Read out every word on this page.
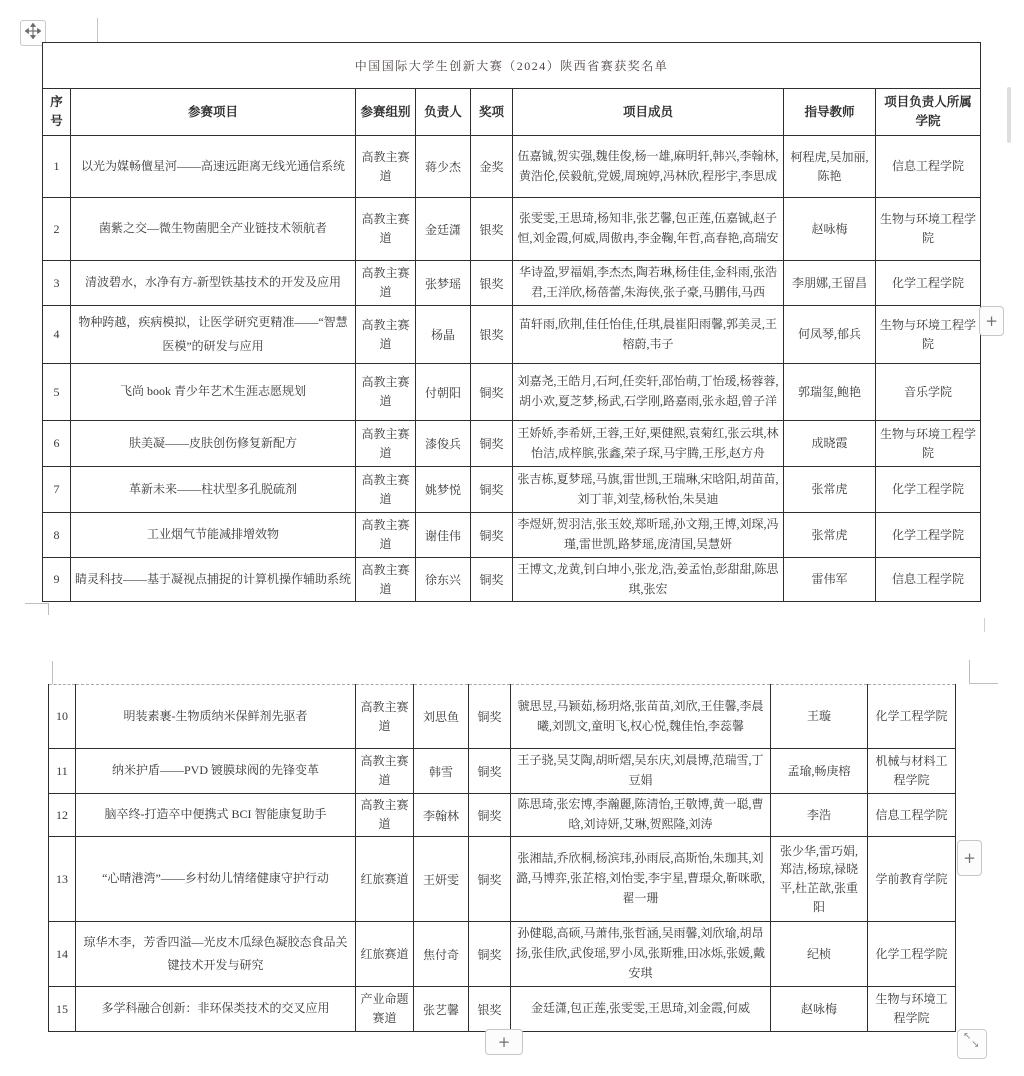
中国国际大学生创新大赛（2024）陕西省赛获奖名单							
序号	参赛项目	参赛组别	负责人	奖项	项目成员	指导教师	项目负责人所属学院
1	以光为媒畅儃星河——高速远距离无线光通信系统	高教主赛道	蒋少杰	金奖	伍嘉铖,贺实强,魏佳俊,杨一雄,麻明轩,韩兴,李翰林,黄浩伦,侯毅航,党媛,周琬婷,冯林欣,程彤宇,李思成	柯程虎,吴加丽,陈艳	信息工程学院
2	菌紫之交—微生物菌肥全产业链技术领航者	高教主赛道	金廷潇	银奖	张雯雯,王思琦,杨知非,张艺馨,包正莲,伍嘉铖,赵子恒,刘金霞,何威,周傲冉,李金鞠,年哲,高春艳,高瑞安	赵咏梅	生物与环境工程学院
3	清波碧水，水净有方-新型铁基技术的开发及应用	高教主赛道	张梦瑶	银奖	华诗盈,罗福娟,李杰杰,陶若琳,杨佳佳,金科雨,张浩君,王洋欣,杨蓓蕾,朱海侠,张子豪,马鹏伟,马西	李朋娜,王留昌	化学工程学院
4	物种跨越，疾病模拟，让医学研究更精准——“智慧医模”的研发与应用	高教主赛道	杨晶	银奖	苗轩雨,欣荆,佳任怡佳,任琪,晨崔阳雨馨,郭美灵,王榕蔚,韦子	何凤琴,郁兵	生物与环境工程学院
5	飞尚 book 青少年艺术生涯志愿规划	高教主赛道	付朝阳	铜奖	刘嘉尧,王皓月,石珂,任奕轩,邵怡萌,丁怡瑗,杨蓉蓉,胡小欢,夏芝梦,杨武,石学刚,路嘉雨,张永超,曾子洋	郭瑞玺,鲍艳	音乐学院
6	肤美凝——皮肤创伤修复新配方	高教主赛道	漆俊兵	铜奖	王娇娇,李希妍,王蓉,王好,栗健熙,袁菊红,张云琪,林怡洁,成梓膑,张鑫,荣子琛,马宇腾,王彤,赵方舟	成晓霞	生物与环境工程学院
7	革新未来——柱状型多孔脱硫剂	高教主赛道	姚梦悦	铜奖	张吉栋,夏梦瑶,马旗,雷世凯,王瑞琳,宋晗阳,胡苗苗,刘丁菲,刘莹,杨秋怡,朱昊迪	张常虎	化学工程学院
8	工业烟气节能减排增效物	高教主赛道	谢佳伟	铜奖	李煜妍,贺羽洁,张玉姣,郑昕瑶,孙文翔,王博,刘琛,冯瑾,雷世凯,路梦瑶,庞清国,吴慧妍	张常虎	化学工程学院
9	睛灵科技——基于凝视点捕捉的计算机操作辅助系统	高教主赛道	徐东兴	铜奖	王博文,龙黄,钊白坤小,张龙,浩,姜孟怡,彭甜甜,陈思琪,张宏	雷伟军	信息工程学院
10	明装素裹-生物质纳米保鲜剂先驱者	高教主赛道	刘思鱼	铜奖	虢思昱,马颖茹,杨玥烙,张苗苗,刘欣,王佳馨,李晨曦,刘凯文,童明飞,权心悦,魏佳怡,李蕊馨	王璇	化学工程学院
11	纳米护盾——PVD 镀膜球阀的先锋变革	高教主赛道	韩雪	铜奖	王子骁,吴艾陶,胡昕熠,吴东庆,刘晨博,范瑞雪,丁豆娟	孟瑜,畅庚榕	机械与材料工程学院
12	脑卒终-打造卒中便携式 BCI 智能康复助手	高教主赛道	李翰林	铜奖	陈思琦,张宏博,李瀚麗,陈清怡,王敬博,黄一聪,曹晗,刘诗妍,艾琳,贺熙隆,刘涛	李浩	信息工程学院
13	“心晴港湾”——乡村幼儿情绪健康守护行动	红旅赛道	王妍雯	铜奖	张湘喆,乔欣桐,杨滨玮,孙雨辰,高斯怡,朱珈其,刘潞,马博弈,张芷榕,刘怡雯,李宇星,曹璟众,靳咪歌,翟一珊	张少华,雷巧娟,郑洁,杨琼,禄晓平,杜芷歆,张重阳	学前教育学院
14	琼华木李，芳香四溢—光皮木瓜绿色凝胶态食品关键技术开发与研究	红旅赛道	焦付奇	铜奖	孙健聪,高硕,马萧伟,张哲涵,吴雨馨,刘欣瑜,胡昂扬,张佳欣,武俊瑶,罗小凤,张斯雅,田冰烁,张媛,戴安琪	纪桢	化学工程学院
15	多学科融合创新：非环保类技术的交叉应用	产业命题赛道	张艺馨	银奖	金廷潇,包正莲,张雯雯,王思琦,刘金霞,何威	赵咏梅	生物与环境工程学院
+
+
+	↖
↘
